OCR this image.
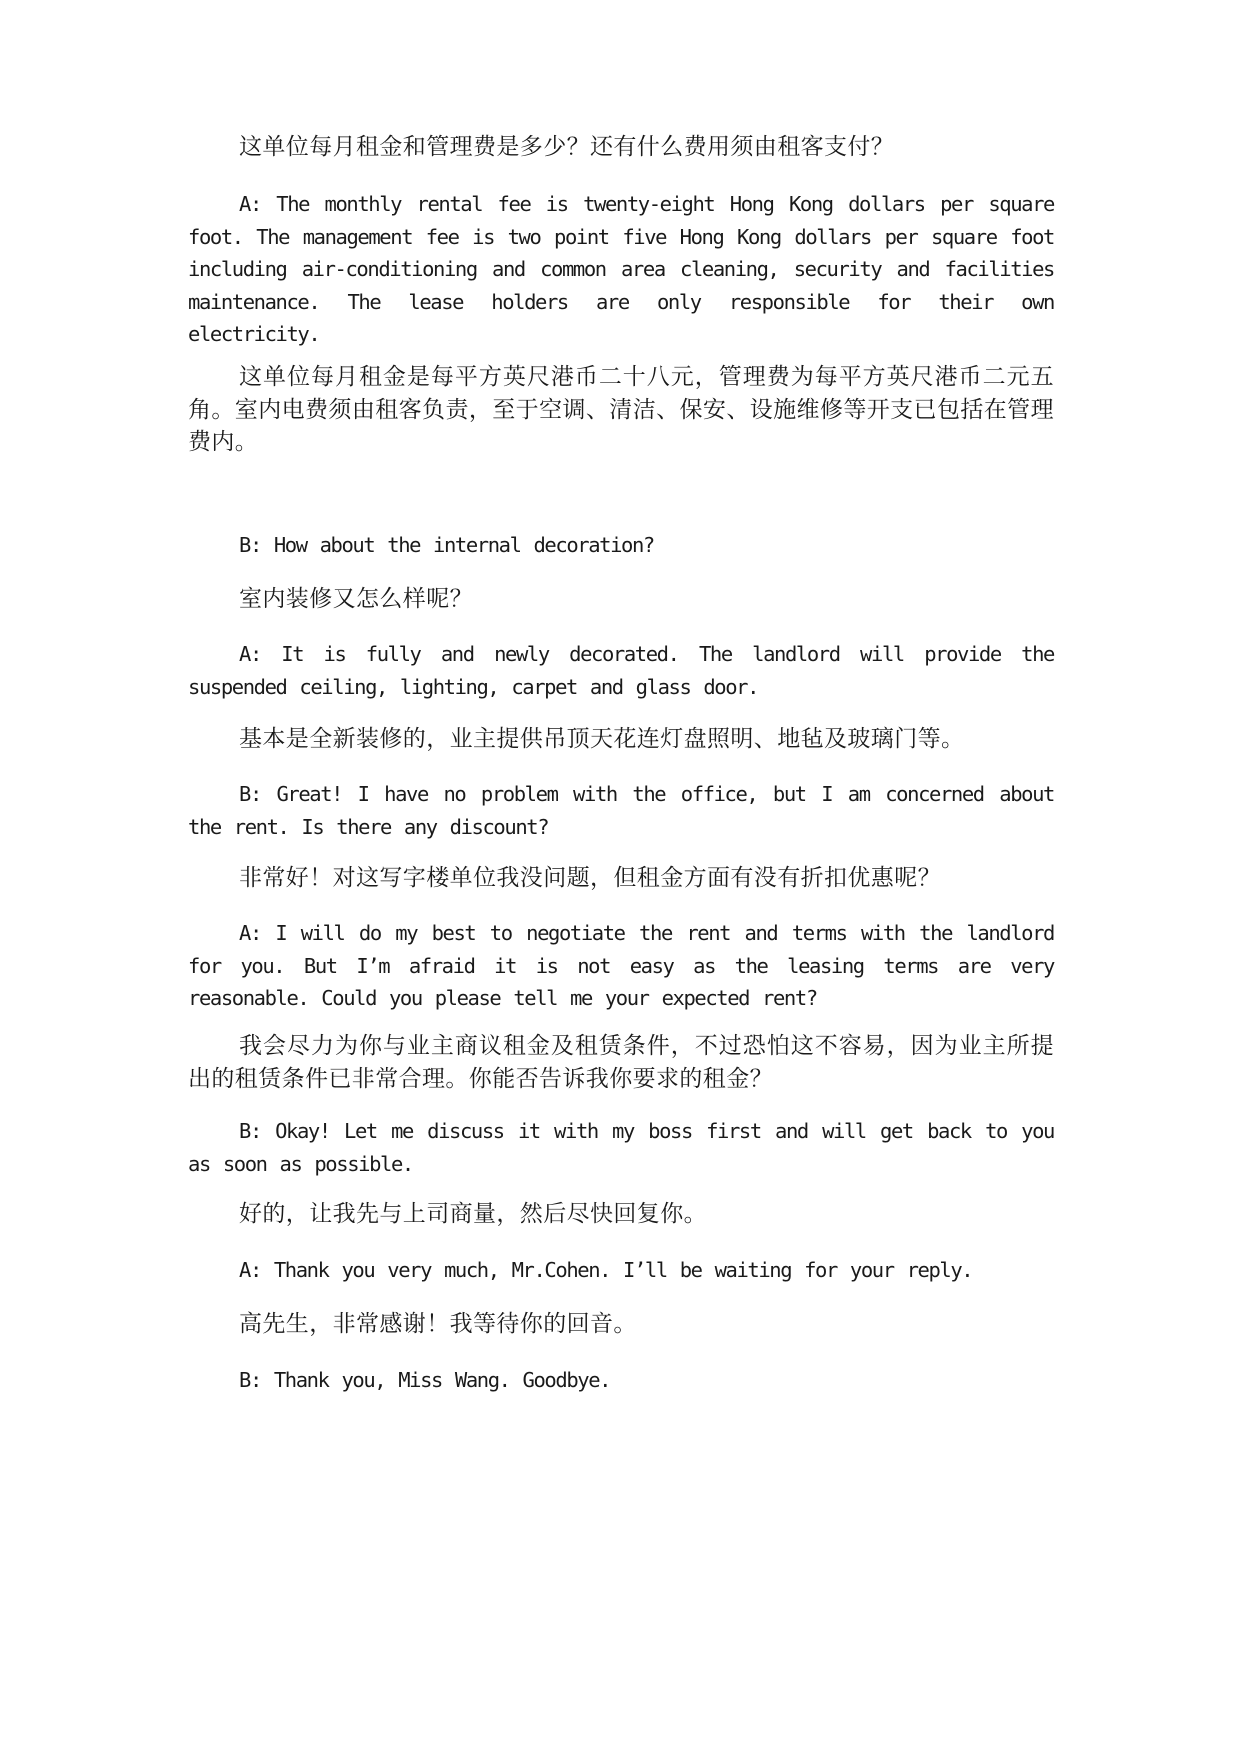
这单位每月租金和管理费是多少？还有什么费用须由租客支付？

A: The monthly rental fee is twenty-eight Hong Kong dollars per square foot. The management fee is two point five Hong Kong dollars per square foot including air-conditioning and common area cleaning, security and facilities maintenance. The lease holders are only responsible for their own electricity.

这单位每月租金是每平方英尺港币二十八元，管理费为每平方英尺港币二元五角。室内电费须由租客负责，至于空调、清洁、保安、设施维修等开支已包括在管理费内。

B: How about the internal decoration?

室内装修又怎么样呢？

A: It is fully and newly decorated. The landlord will provide the suspended ceiling, lighting, carpet and glass door.

基本是全新装修的，业主提供吊顶天花连灯盘照明、地毡及玻璃门等。

B: Great! I have no problem with the office, but I am concerned about the rent. Is there any discount?

非常好！对这写字楼单位我没问题，但租金方面有没有折扣优惠呢？

A: I will do my best to negotiate the rent and terms with the landlord for you. But I’m afraid it is not easy as the leasing terms are very reasonable. Could you please tell me your expected rent?

我会尽力为你与业主商议租金及租赁条件，不过恐怕这不容易，因为业主所提出的租赁条件已非常合理。你能否告诉我你要求的租金？

B: Okay! Let me discuss it with my boss first and will get back to you as soon as possible.

好的，让我先与上司商量，然后尽快回复你。

A: Thank you very much, Mr.Cohen. I’ll be waiting for your reply.

高先生，非常感谢！我等待你的回音。

B: Thank you, Miss Wang. Goodbye.
